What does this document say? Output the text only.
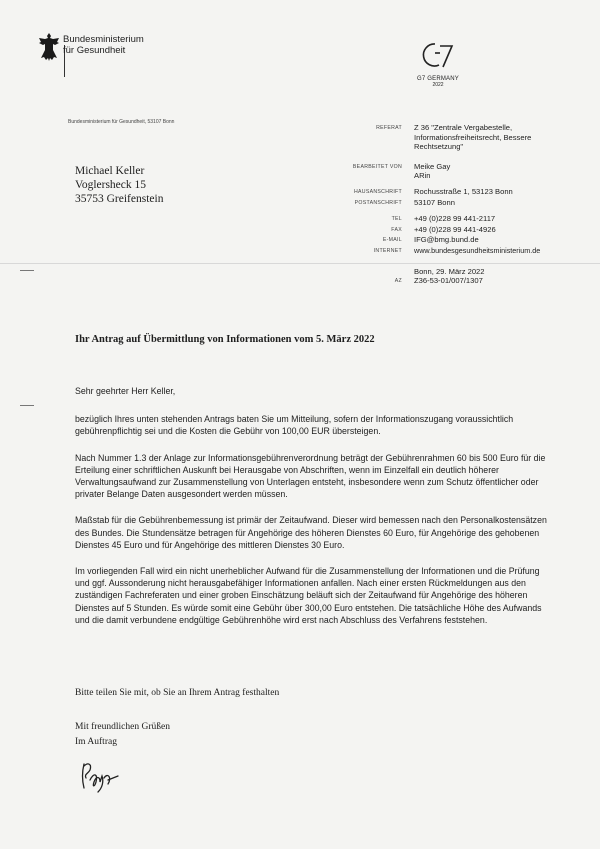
Bundesministerium
für Gesundheit
G7 GERMANY
2022
Bundesministerium für Gesundheit, 53107 Bonn
Michael Keller
Voglersheck 15
35753 Greifenstein
REFERAT	Z 36 "Zentrale Vergabestelle, Informationsfreiheitsrecht, Bessere Rechtsetzung"
BEARBEITET VON	Meike Gay
ARin
HAUSANSCHRIFT	Rochusstraße 1, 53123 Bonn
POSTANSCHRIFT	53107 Bonn
TEL	+49 (0)228 99 441-2117
FAX	+49 (0)228 99 441-4926
E-MAIL	IFG@bmg.bund.de
INTERNET	www.bundesgesundheitsministerium.de
Bonn, 29. März 2022
AZ	Z36-53-01/007/1307
Ihr Antrag auf Übermittlung von Informationen vom 5. März 2022

Sehr geehrter Herr Keller,

bezüglich Ihres unten stehenden Antrags baten Sie um Mitteilung, sofern der Informationszugang voraussichtlich gebührenpflichtig sei und die Kosten die Gebühr von 100,00 EUR übersteigen.

Nach Nummer 1.3 der Anlage zur Informationsgebührenverordnung beträgt der Gebührenrahmen 60 bis 500 Euro für die Erteilung einer schriftlichen Auskunft bei Herausgabe von Abschriften, wenn im Einzelfall ein deutlich höherer Verwaltungsaufwand zur Zusammenstellung von Unterlagen entsteht, insbesondere wenn zum Schutz öffentlicher oder privater Belange Daten ausgesondert werden müssen.

Maßstab für die Gebührenbemessung ist primär der Zeitaufwand. Dieser wird bemessen nach den Personalkostensätzen des Bundes. Die Stundensätze betragen für Angehörige des höheren Dienstes 60 Euro, für Angehörige des gehobenen Dienstes 45 Euro und für Angehörige des mittleren Dienstes 30 Euro.

Im vorliegenden Fall wird ein nicht unerheblicher Aufwand für die Zusammenstellung der Informationen und die Prüfung und ggf. Aussonderung nicht herausgabefähiger Informationen anfallen. Nach einer ersten Rückmeldungen aus den zuständigen Fachreferaten und einer groben Einschätzung beläuft sich der Zeitaufwand für Angehörige des höheren Dienstes auf 5 Stunden. Es würde somit eine Gebühr über 300,00 Euro entstehen. Die tatsächliche Höhe des Aufwands und die damit verbundene endgültige Gebührenhöhe wird erst nach Abschluss des Verfahrens feststehen.

Bitte teilen Sie mit, ob Sie an Ihrem Antrag festhalten
Mit freundlichen Grüßen
Im Auftrag
